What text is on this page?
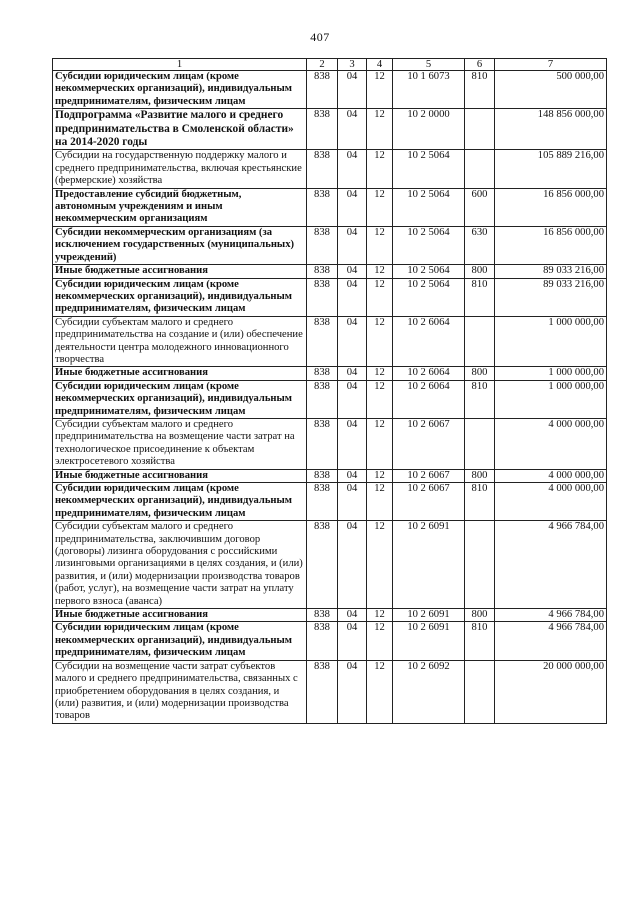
407
1	2	3	4	5	6	7
Субсидии юридическим лицам (кроме некоммерческих организаций), индивидуальным предпринимателям, физическим лицам	838	04	12	10 1 6073	810	500 000,00
Подпрограмма «Развитие малого и среднего предпринимательства в Смоленской области» на 2014-2020 годы	838	04	12	10 2 0000		148 856 000,00
Субсидии на государственную поддержку малого и среднего предпринимательства, включая крестьянские (фермерские) хозяйства	838	04	12	10 2 5064		105 889 216,00
Предоставление субсидий бюджетным, автономным учреждениям и иным некоммерческим организациям	838	04	12	10 2 5064	600	16 856 000,00
Субсидии некоммерческим организациям (за исключением государственных (муниципальных) учреждений)	838	04	12	10 2 5064	630	16 856 000,00
Иные бюджетные ассигнования	838	04	12	10 2 5064	800	89 033 216,00
Субсидии юридическим лицам (кроме некоммерческих организаций), индивидуальным предпринимателям, физическим лицам	838	04	12	10 2 5064	810	89 033 216,00
Субсидии субъектам малого и среднего предпринимательства на создание и (или) обеспечение деятельности центра молодежного инновационного творчества	838	04	12	10 2 6064		1 000 000,00
Иные бюджетные ассигнования	838	04	12	10 2 6064	800	1 000 000,00
Субсидии юридическим лицам (кроме некоммерческих организаций), индивидуальным предпринимателям, физическим лицам	838	04	12	10 2 6064	810	1 000 000,00
Субсидии субъектам малого и среднего предпринимательства на возмещение части затрат на технологическое присоединение к объектам электросетевого хозяйства	838	04	12	10 2 6067		4 000 000,00
Иные бюджетные ассигнования	838	04	12	10 2 6067	800	4 000 000,00
Субсидии юридическим лицам (кроме некоммерческих организаций), индивидуальным предпринимателям, физическим лицам	838	04	12	10 2 6067	810	4 000 000,00
Субсидии субъектам малого и среднего предпринимательства, заключившим договор (договоры) лизинга оборудования с российскими лизинговыми организациями в целях создания, и (или) развития, и (или) модернизации производства товаров (работ, услуг), на возмещение части затрат на уплату первого взноса (аванса)	838	04	12	10 2 6091		4 966 784,00
Иные бюджетные ассигнования	838	04	12	10 2 6091	800	4 966 784,00
Субсидии юридическим лицам (кроме некоммерческих организаций), индивидуальным предпринимателям, физическим лицам	838	04	12	10 2 6091	810	4 966 784,00
Субсидии на возмещение части затрат субъектов малого и среднего предпринимательства, связанных с приобретением оборудования в целях создания, и (или) развития, и (или) модернизации производства товаров	838	04	12	10 2 6092		20 000 000,00
